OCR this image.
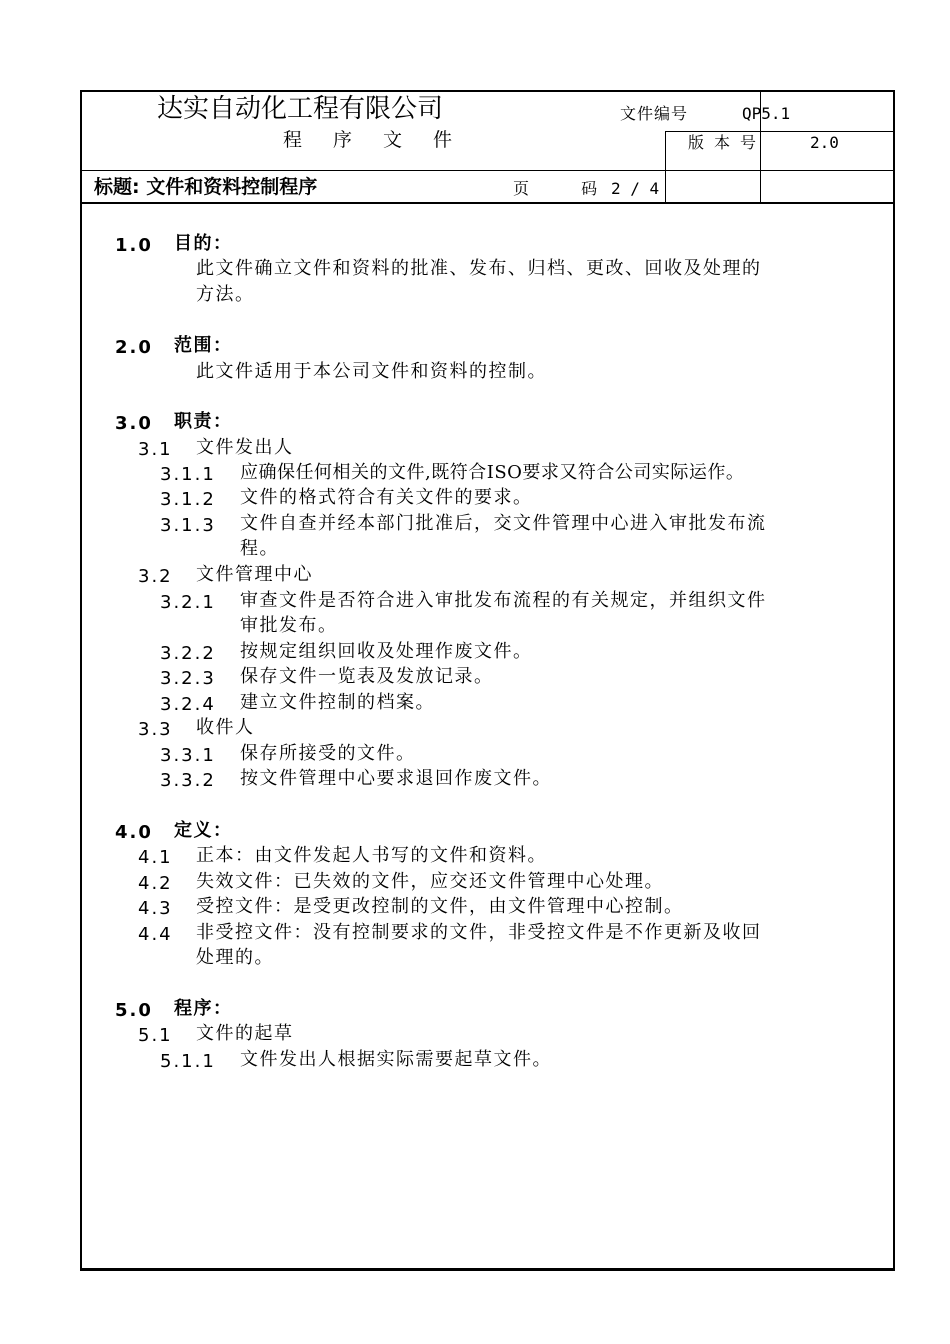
达实自动化工程有限公司
程序文件
文件编号	QP5.1
版本号	2.0
标题: 文件和资料控制程序	页  码 2 / 4
1.0 目的：
此文件确立文件和资料的批准、发布、归档、更改、回收及处理的
方法。
2.0 范围：
此文件适用于本公司文件和资料的控制。
3.0 职责：
3.1 文件发出人
3.1.1 应确保任何相关的文件,既符合ISO要求又符合公司实际运作。
3.1.2 文件的格式符合有关文件的要求。
3.1.3 文件自查并经本部门批准后，交文件管理中心进入审批发布流
程。
3.2 文件管理中心
3.2.1 审查文件是否符合进入审批发布流程的有关规定，并组织文件
审批发布。
3.2.2 按规定组织回收及处理作废文件。
3.2.3 保存文件一览表及发放记录。
3.2.4 建立文件控制的档案。
3.3 收件人
3.3.1 保存所接受的文件。
3.3.2 按文件管理中心要求退回作废文件。
4.0 定义：
4.1 正本：由文件发起人书写的文件和资料。
4.2 失效文件：已失效的文件，应交还文件管理中心处理。
4.3 受控文件：是受更改控制的文件，由文件管理中心控制。
4.4 非受控文件：没有控制要求的文件，非受控文件是不作更新及收回
处理的。
5.0 程序：
5.1 文件的起草
5.1.1 文件发出人根据实际需要起草文件。
